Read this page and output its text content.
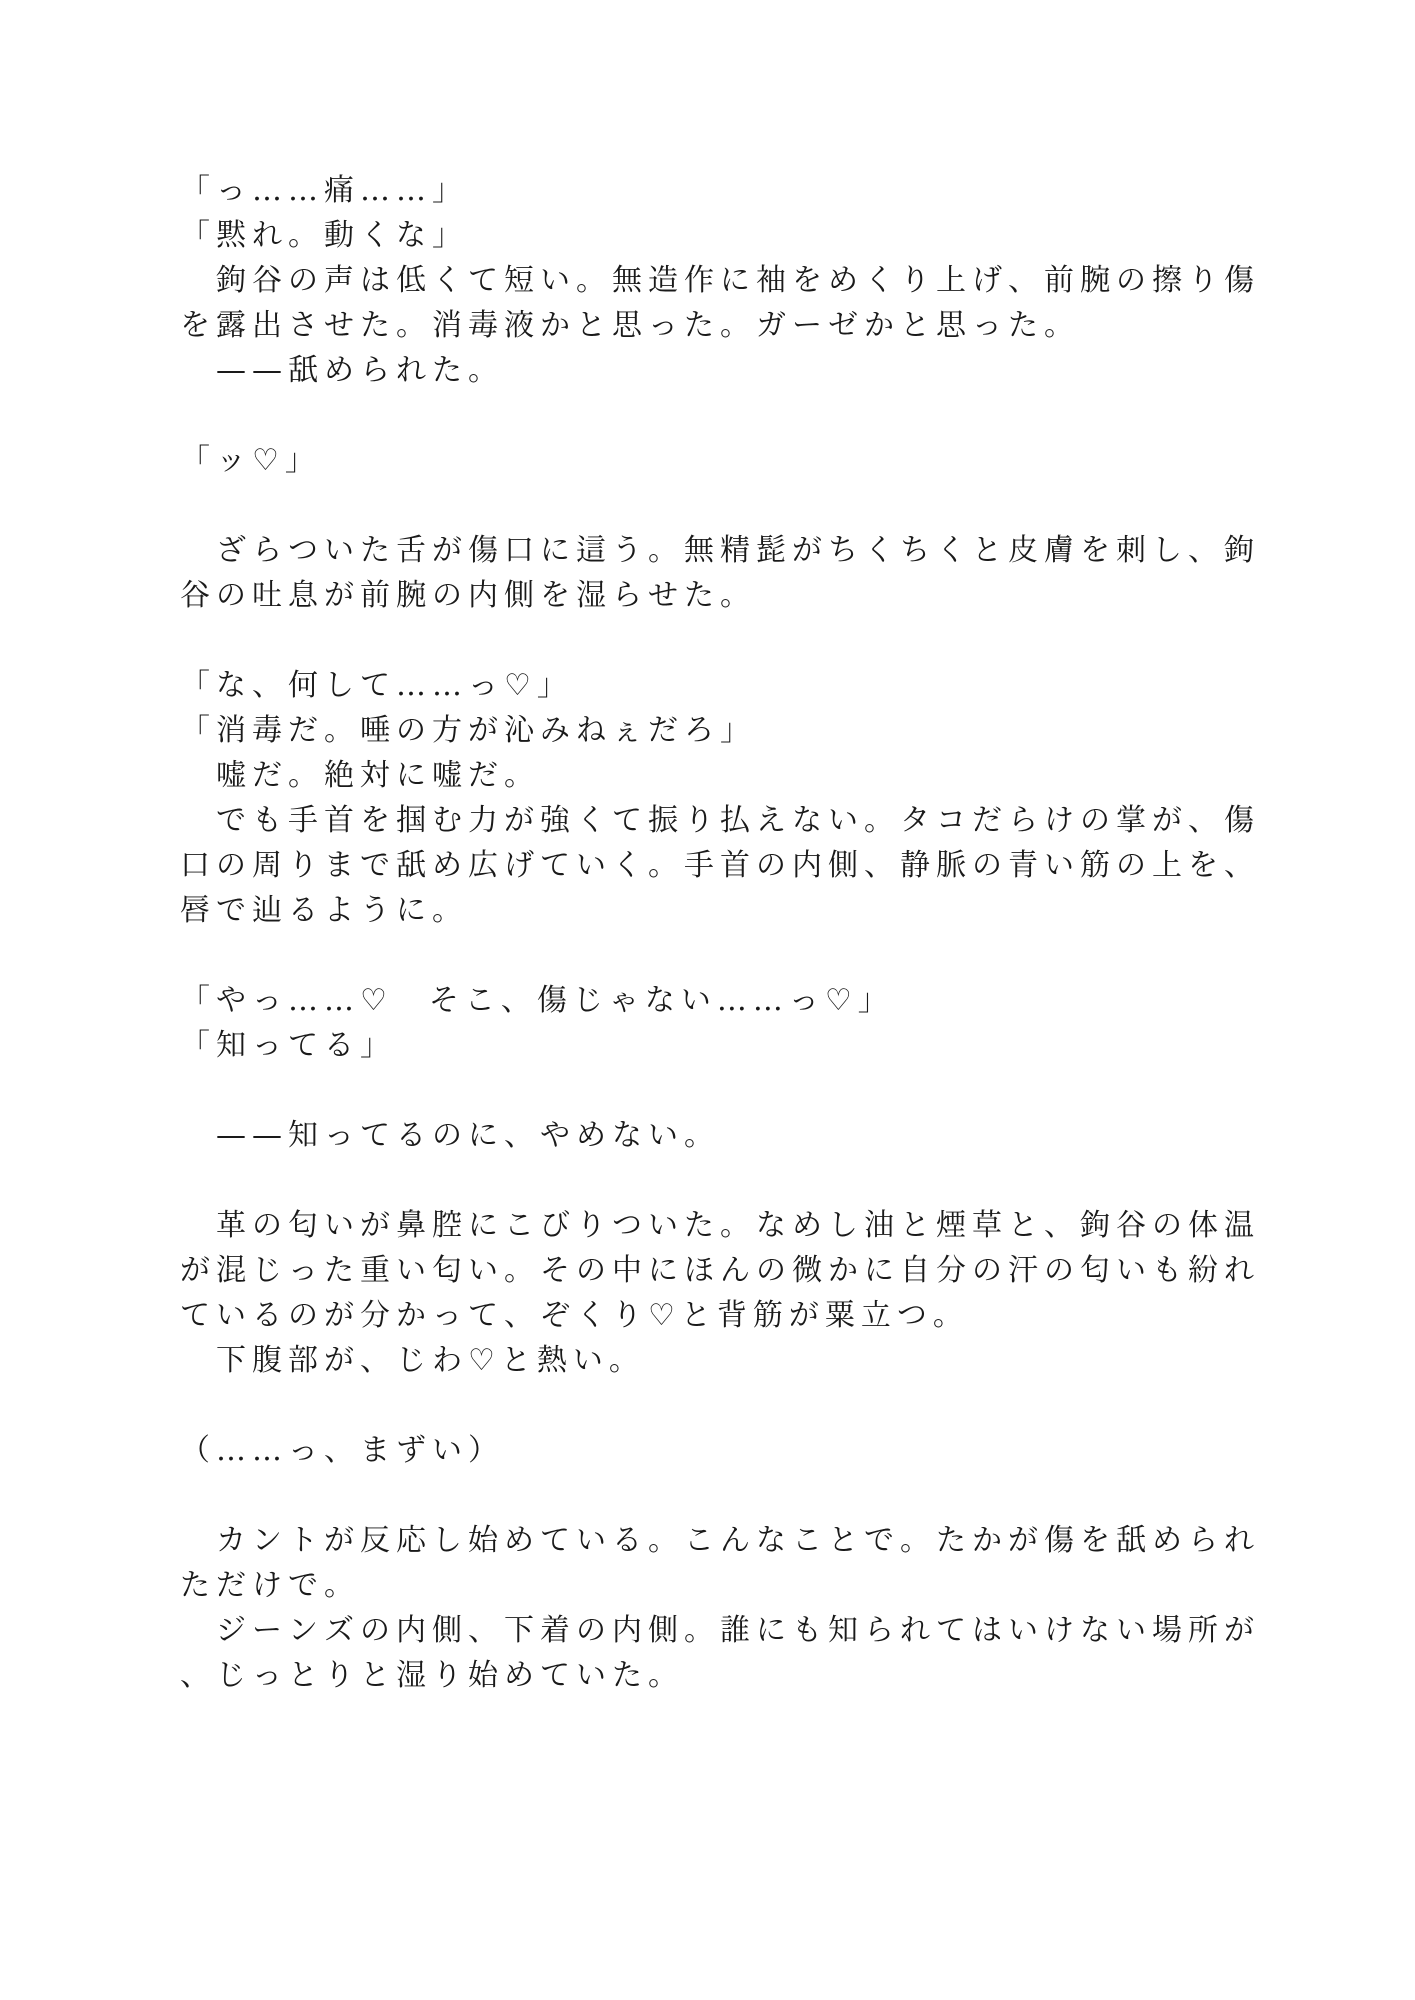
「っ……痛……」
「黙れ。動くな」
　鉤谷の声は低くて短い。無造作に袖をめくり上げ、前腕の擦り傷
を露出させた。消毒液かと思った。ガーゼかと思った。
　——舐められた。
「ッ♡」
　ざらついた舌が傷口に這う。無精髭がちくちくと皮膚を刺し、鉤
谷の吐息が前腕の内側を湿らせた。
「な、何して……っ♡」
「消毒だ。唾の方が沁みねぇだろ」
　嘘だ。絶対に嘘だ。
　でも手首を掴む力が強くて振り払えない。タコだらけの掌が、傷
口の周りまで舐め広げていく。手首の内側、静脈の青い筋の上を、
唇で辿るように。
「やっ……♡　そこ、傷じゃない……っ♡」
「知ってる」
　——知ってるのに、やめない。
　革の匂いが鼻腔にこびりついた。なめし油と煙草と、鉤谷の体温
が混じった重い匂い。その中にほんの微かに自分の汗の匂いも紛れ
ているのが分かって、ぞくり♡と背筋が粟立つ。
　下腹部が、じわ♡と熱い。
（……っ、まずい）
　カントが反応し始めている。こんなことで。たかが傷を舐められ
ただけで。
　ジーンズの内側、下着の内側。誰にも知られてはいけない場所が
、じっとりと湿り始めていた。
